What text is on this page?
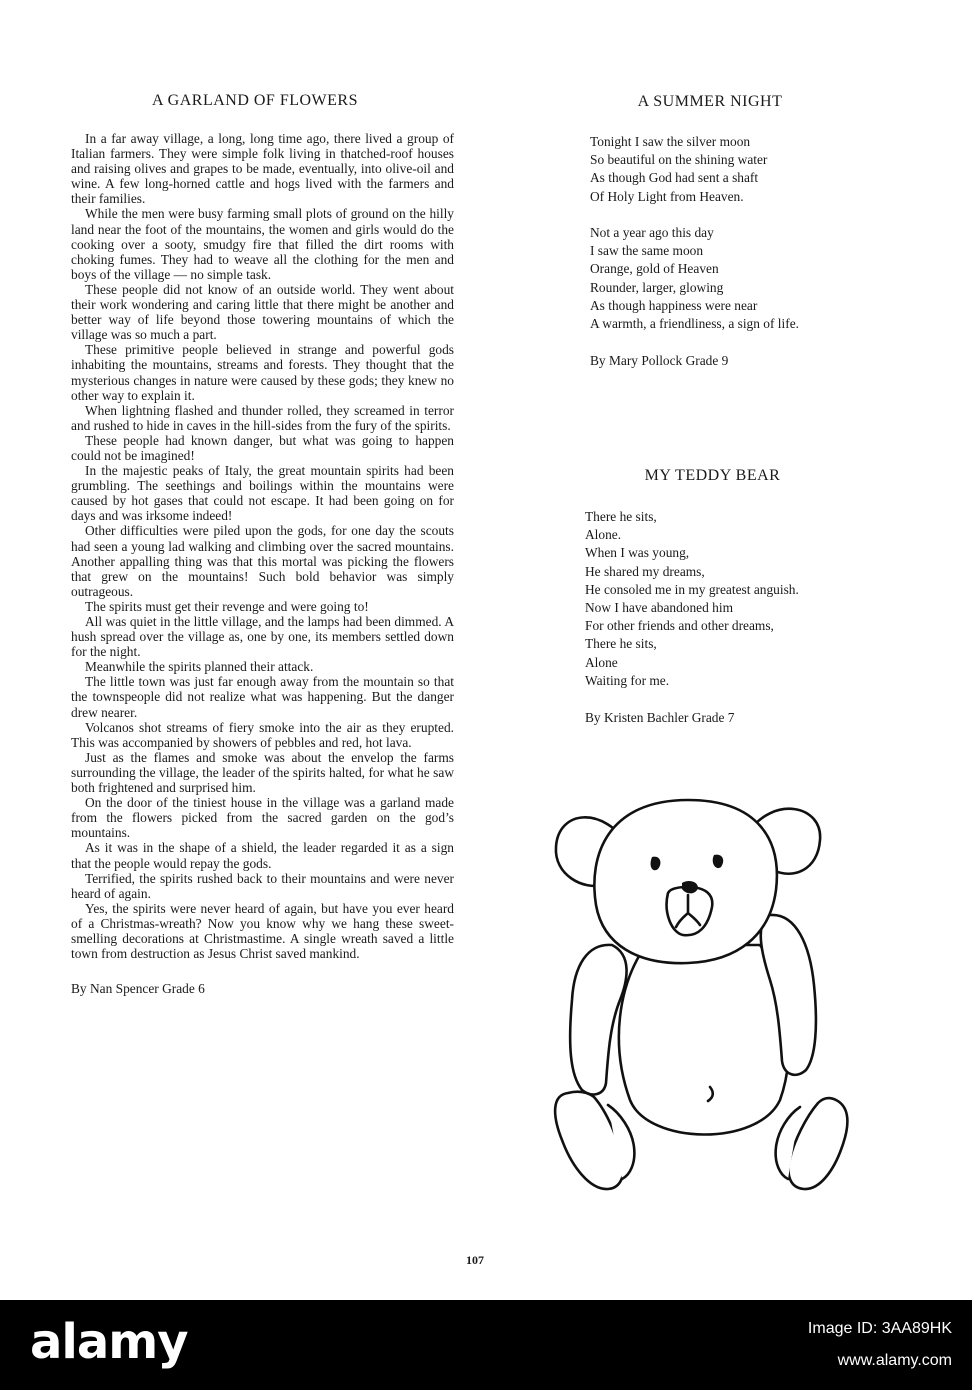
A GARLAND OF FLOWERS

In a far away village, a long, long time ago, there lived a group of Italian farmers. They were simple folk living in thatched-roof houses and raising olives and grapes to be made, eventually, into olive-oil and wine. A few long-horned cattle and hogs lived with the farmers and their families.

While the men were busy farming small plots of ground on the hilly land near the foot of the mountains, the women and girls would do the cooking over a sooty, smudgy fire that filled the dirt rooms with choking fumes. They had to weave all the clothing for the men and boys of the village — no simple task.

These people did not know of an outside world. They went about their work wondering and caring little that there might be another and better way of life beyond those towering mountains of which the village was so much a part.

These primitive people believed in strange and powerful gods inhabiting the mountains, streams and forests. They thought that the mysterious changes in nature were caused by these gods; they knew no other way to explain it.

When lightning flashed and thunder rolled, they screamed in terror and rushed to hide in caves in the hill-sides from the fury of the spirits.

These people had known danger, but what was going to happen could not be imagined!

In the majestic peaks of Italy, the great mountain spirits had been grumbling. The seethings and boilings within the mountains were caused by hot gases that could not escape. It had been going on for days and was irksome indeed!

Other difficulties were piled upon the gods, for one day the scouts had seen a young lad walking and climbing over the sacred mountains. Another appalling thing was that this mortal was picking the flowers that grew on the mountains! Such bold behavior was simply outrageous.

The spirits must get their revenge and were going to!

All was quiet in the little village, and the lamps had been dimmed. A hush spread over the village as, one by one, its members settled down for the night.

Meanwhile the spirits planned their attack.

The little town was just far enough away from the mountain so that the townspeople did not realize what was happening. But the danger drew nearer.

Volcanos shot streams of fiery smoke into the air as they erupted. This was accompanied by showers of pebbles and red, hot lava.

Just as the flames and smoke was about the envelop the farms surrounding the village, the leader of the spirits halted, for what he saw both frightened and surprised him.

On the door of the tiniest house in the village was a garland made from the flowers picked from the sacred garden on the god’s mountains.

As it was in the shape of a shield, the leader regarded it as a sign that the people would repay the gods.

Terrified, the spirits rushed back to their mountains and were never heard of again.

Yes, the spirits were never heard of again, but have you ever heard of a Christmas-wreath? Now you know why we hang these sweet-smelling decorations at Christmastime. A single wreath saved a little town from destruction as Jesus Christ saved mankind.

By Nan Spencer Grade 6

A SUMMER NIGHT
Tonight I saw the silver moon
So beautiful on the shining water
As though God had sent a shaft
Of Holy Light from Heaven.
Not a year ago this day
I saw the same moon
Orange, gold of Heaven
Rounder, larger, glowing
As though happiness were near
A warmth, a friendliness, a sign of life.
By Mary Pollock Grade 9
MY TEDDY BEAR
There he sits,
Alone.
When I was young,
He shared my dreams,
He consoled me in my greatest anguish.
Now I have abandoned him
For other friends and other dreams,
There he sits,
Alone
Waiting for me.
By Kristen Bachler Grade 7
107
alamy	Image ID: 3AA89HK
www.alamy.com
